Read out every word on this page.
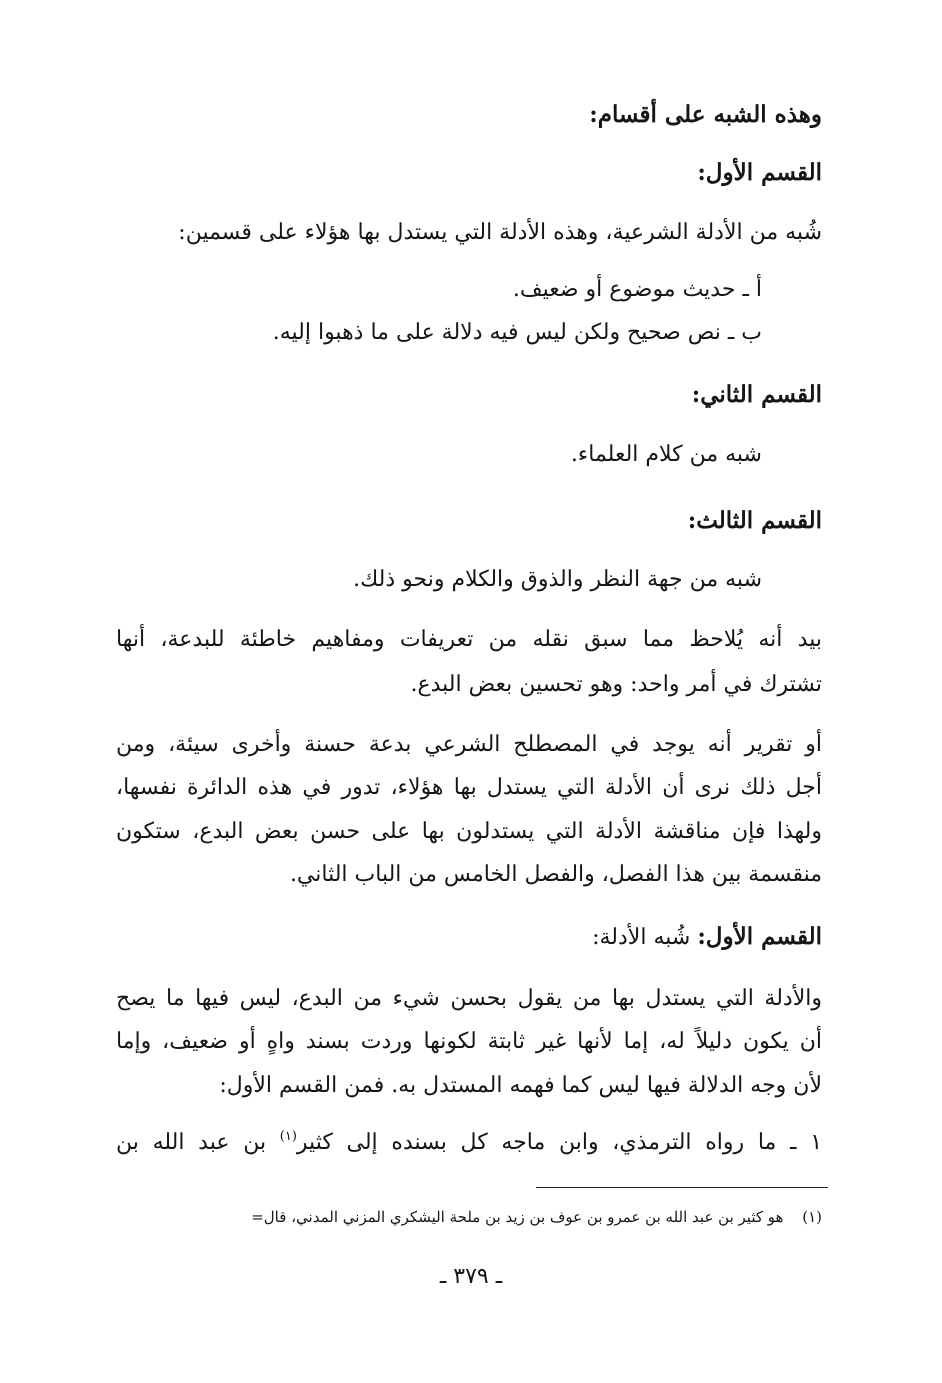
وهذه الشبه على أقسام:
القسم الأول:
شُبه من الأدلة الشرعية، وهذه الأدلة التي يستدل بها هؤلاء على قسمين:
أ ـ حديث موضوع أو ضعيف.
ب ـ نص صحيح ولكن ليس فيه دلالة على ما ذهبوا إليه.
القسم الثاني:
شبه من كلام العلماء.
القسم الثالث:
شبه من جهة النظر والذوق والكلام ونحو ذلك.
بيد أنه يُلاحظ مما سبق نقله من تعريفات ومفاهيم خاطئة للبدعة، أنها
تشترك في أمر واحد: وهو تحسين بعض البدع.
أو تقرير أنه يوجد في المصطلح الشرعي بدعة حسنة وأخرى سيئة، ومن
أجل ذلك نرى أن الأدلة التي يستدل بها هؤلاء، تدور في هذه الدائرة نفسها،
ولهذا فإن مناقشة الأدلة التي يستدلون بها على حسن بعض البدع، ستكون
منقسمة بين هذا الفصل، والفصل الخامس من الباب الثاني.
القسم الأول: شُبه الأدلة:
والأدلة التي يستدل بها من يقول بحسن شيء من البدع، ليس فيها ما يصح
أن يكون دليلاً له، إما لأنها غير ثابتة لكونها وردت بسند واهٍ أو ضعيف، وإما
لأن وجه الدلالة فيها ليس كما فهمه المستدل به. فمن القسم الأول:
١ ـ ما رواه الترمذي، وابن ماجه كل بسنده إلى كثير$^{(١)}$ بن عبد الله بن
(١) هو كثير بن عبد الله بن عمرو بن عوف بن زيد بن ملحة اليشكري المزني المدني، قال=
ـ ٣٧٩ ـ
